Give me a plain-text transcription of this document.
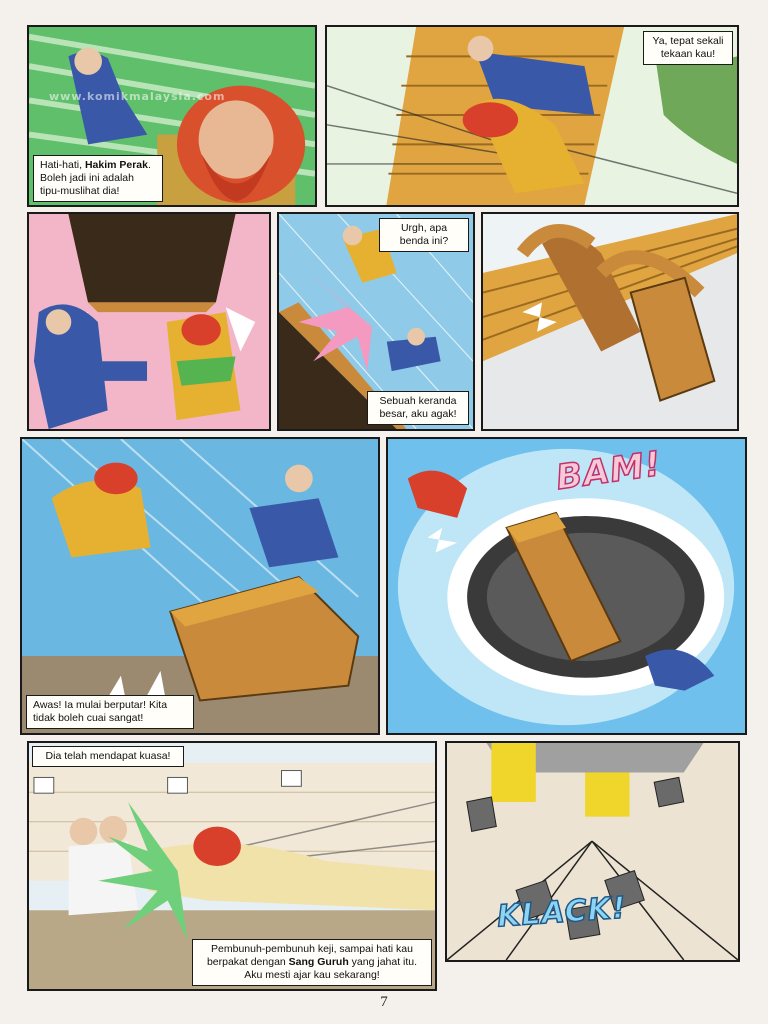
www.komikmalaysia.com
Hati-hati, Hakim Perak. Boleh jadi ini adalah tipu-muslihat dia!
Ya, tepat sekali tekaan kau!
Urgh, apa benda ini?
Sebuah keranda besar, aku agak!
Awas! Ia mulai berputar! Kita tidak boleh cuai sangat!
BAM!
Dia telah mendapat kuasa!
Pembunuh-pembunuh keji, sampai hati kau berpakat dengan Sang Guruh yang jahat itu. Aku mesti ajar kau sekarang!
KLACK!
7
